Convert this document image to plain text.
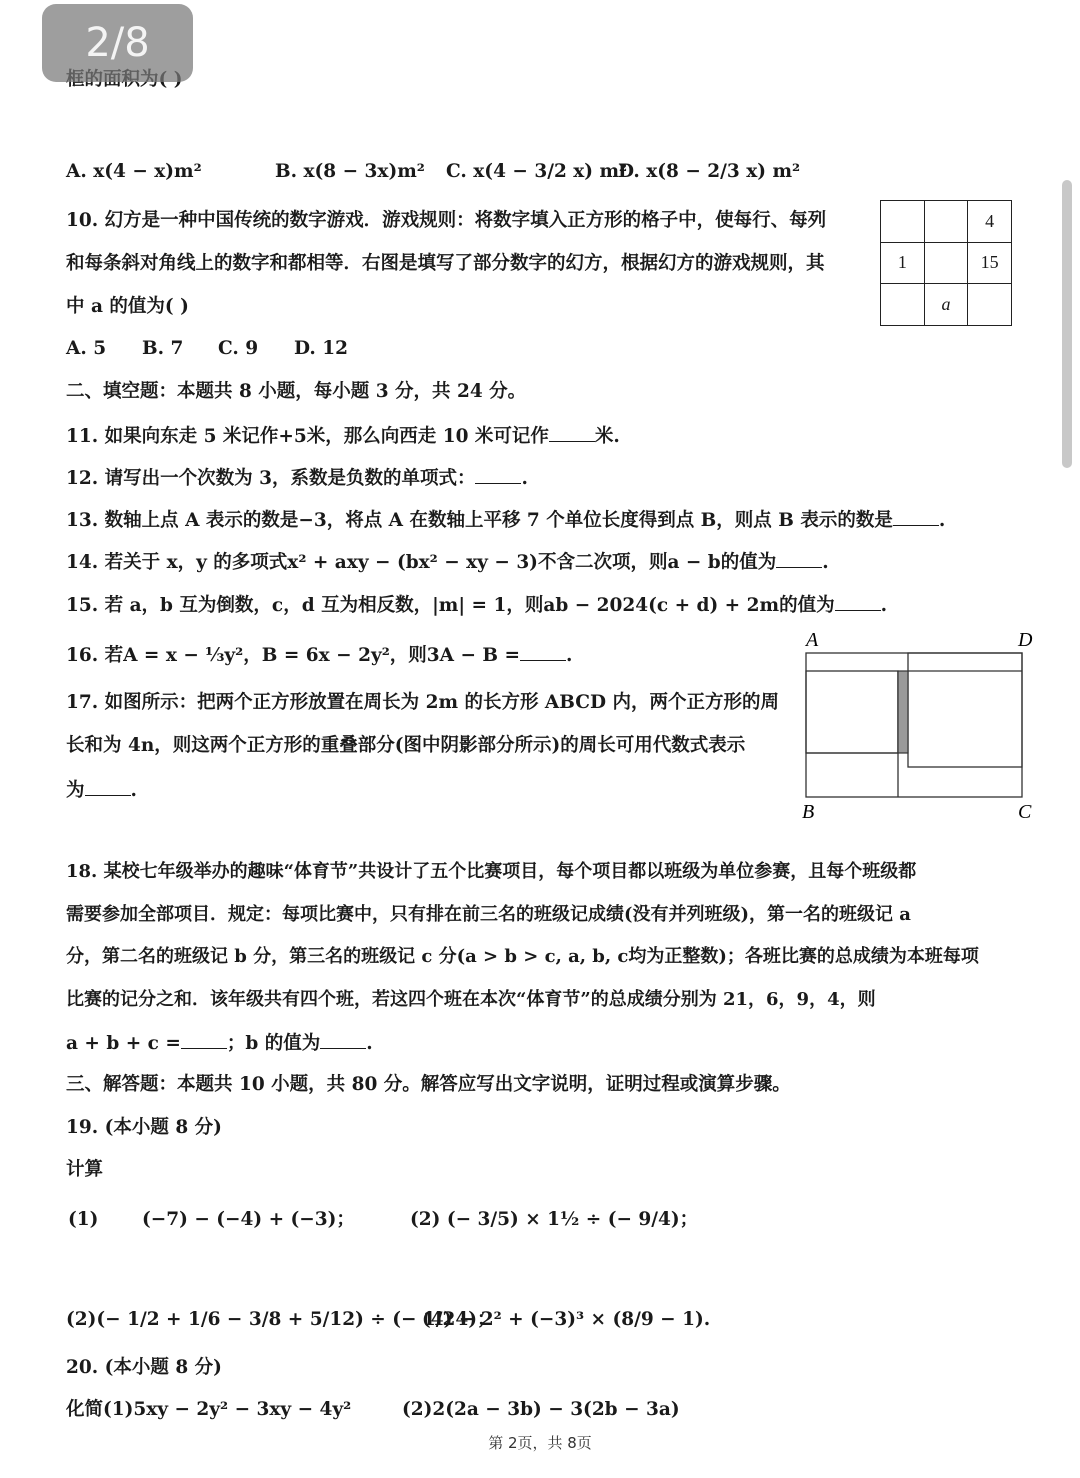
2/8
A. x(4 − x)m²	B. x(8 − 3x)m² C. x(4 − 3/2 x) m²
D. x(8 − 2/3 x) m²
10. 幻方是一种中国传统的数字游戏．游戏规则：将数字填入正方形的格子中，使每行、每列
和每条斜对角线上的数字和都相等．右图是填写了部分数字的幻方，根据幻方的游戏规则，其
中 a 的值为( )
A. 5 B. 7 C. 9 D. 12
		4
1		15
	a	
二、填空题：本题共 8 小题，每小题 3 分，共 24 分。
11. 如果向东走 5 米记作+5米，那么向西走 10 米可记作 米.
12. 请写出一个次数为 3，系数是负数的单项式： .
13. 数轴上点 A 表示的数是−3，将点 A 在数轴上平移 7 个单位长度得到点 B，则点 B 表示的数是 .
14. 若关于 x，y 的多项式x² + axy − (bx² − xy − 3)不含二次项，则a − b的值为 .
15. 若 a，b 互为倒数，c，d 互为相反数，|m| = 1，则ab − 2024(c + d) + 2m的值为 .
16. 若A = x − ⅓y²，B = 6x − 2y²，则3A − B = .
17. 如图所示：把两个正方形放置在周长为 2m 的长方形 ABCD 内，两个正方形的周
长和为 4n，则这两个正方形的重叠部分(图中阴影部分所示)的周长可用代数式表示
为 .
A	D
B	C
18. 某校七年级举办的趣味“体育节”共设计了五个比赛项目，每个项目都以班级为单位参赛，且每个班级都
需要参加全部项目．规定：每项比赛中，只有排在前三名的班级记成绩(没有并列班级)，第一名的班级记 a
分，第二名的班级记 b 分，第三名的班级记 c 分(a > b > c, a, b, c均为正整数)；各班比赛的总成绩为本班每项
比赛的记分之和．该年级共有四个班，若这四个班在本次“体育节”的总成绩分别为 21，6，9，4，则
a + b + c = ；b 的值为 .
三、解答题：本题共 10 小题，共 80 分。解答应写出文字说明，证明过程或演算步骤。
19. (本小题 8 分)
计算
(1) (−7) − (−4) + (−3)；	(2) (− 3/5) × 1½ ÷ (− 9/4)；
(2)(− 1/2 + 1/6 − 3/8 + 5/12) ÷ (− 1/24)；
(4) − 2² + (−3)³ × (8/9 − 1).
20. (本小题 8 分)
化简(1)5xy − 2y² − 3xy − 4y²	(2)2(2a − 3b) − 3(2b − 3a)
第 2页，共 8页
